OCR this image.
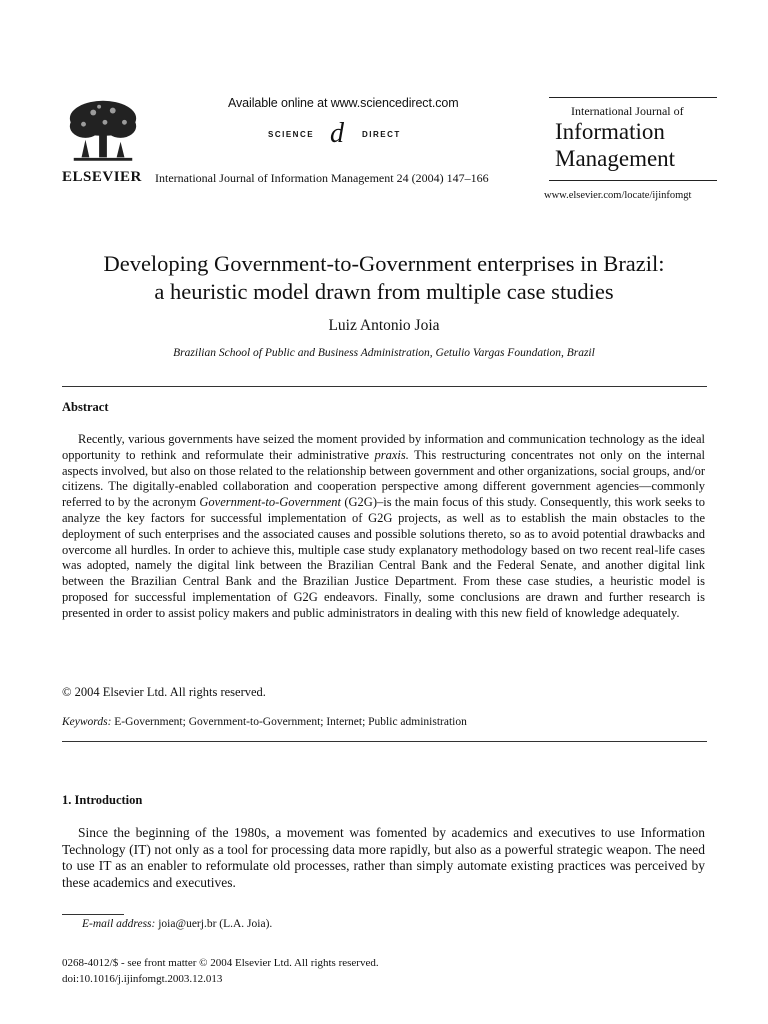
ELSEVIER
Available online at www.sciencedirect.com
SCIENCE d DIRECT
International Journal of Information Management 24 (2004) 147–166
International Journal of
Information
Management
www.elsevier.com/locate/ijinfomgt
Developing Government-to-Government enterprises in Brazil:
a heuristic model drawn from multiple case studies
Luiz Antonio Joia
Brazilian School of Public and Business Administration, Getulio Vargas Foundation, Brazil
Abstract

Recently, various governments have seized the moment provided by information and communication technology as the ideal opportunity to rethink and reformulate their administrative praxis. This restructuring concentrates not only on the internal aspects involved, but also on those related to the relationship between government and other organizations, social groups, and/or citizens. The digitally-enabled collaboration and cooperation perspective among different government agencies—commonly referred to by the acronym Government-to-Government (G2G)–is the main focus of this study. Consequently, this work seeks to analyze the key factors for successful implementation of G2G projects, as well as to establish the main obstacles to the deployment of such enterprises and the associated causes and possible solutions thereto, so as to avoid potential drawbacks and overcome all hurdles. In order to achieve this, multiple case study explanatory methodology based on two recent real-life cases was adopted, namely the digital link between the Brazilian Central Bank and the Federal Senate, and another digital link between the Brazilian Central Bank and the Brazilian Justice Department. From these case studies, a heuristic model is proposed for successful implementation of G2G endeavors. Finally, some conclusions are drawn and further research is presented in order to assist policy makers and public administrators in dealing with this new field of knowledge adequately.

© 2004 Elsevier Ltd. All rights reserved.
Keywords: E-Government; Government-to-Government; Internet; Public administration
1. Introduction

Since the beginning of the 1980s, a movement was fomented by academics and executives to use Information Technology (IT) not only as a tool for processing data more rapidly, but also as a powerful strategic weapon. The need to use IT as an enabler to reformulate old processes, rather than simply automate existing practices was perceived by these academics and executives.

E-mail address: joia@uerj.br (L.A. Joia).
0268-4012/$ - see front matter © 2004 Elsevier Ltd. All rights reserved.
doi:10.1016/j.ijinfomgt.2003.12.013
